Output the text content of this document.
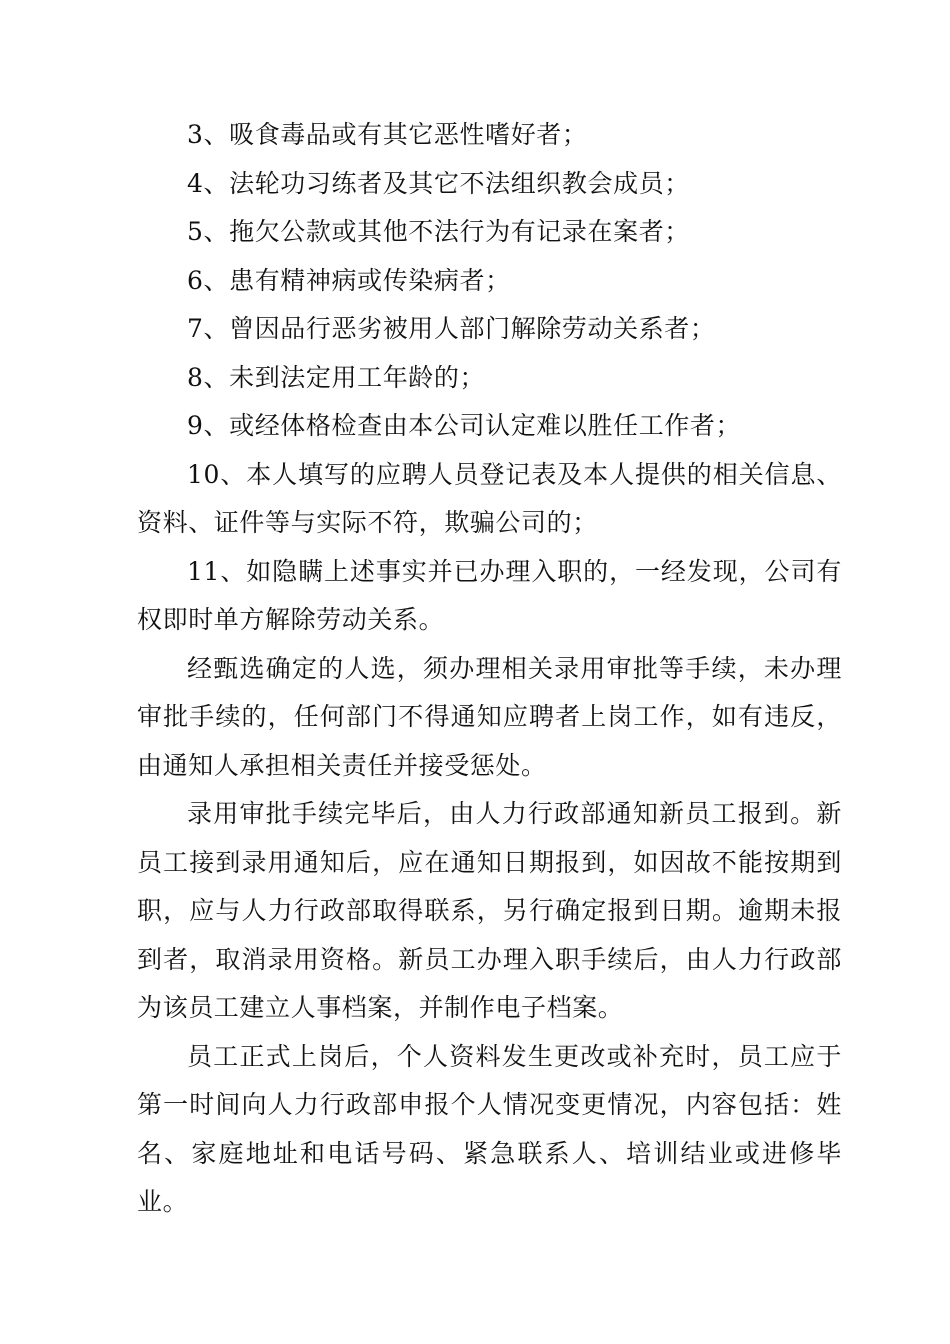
3、吸食毒品或有其它恶性嗜好者；

4、法轮功习练者及其它不法组织教会成员；

5、拖欠公款或其他不法行为有记录在案者；

6、患有精神病或传染病者；

7、曾因品行恶劣被用人部门解除劳动关系者；

8、未到法定用工年龄的；

9、或经体格检查由本公司认定难以胜任工作者；

10、本人填写的应聘人员登记表及本人提供的相关信息、资料、证件等与实际不符，欺骗公司的；

11、如隐瞒上述事实并已办理入职的，一经发现，公司有权即时单方解除劳动关系。

经甄选确定的人选，须办理相关录用审批等手续，未办理审批手续的，任何部门不得通知应聘者上岗工作，如有违反，由通知人承担相关责任并接受惩处。

录用审批手续完毕后，由人力行政部通知新员工报到。新员工接到录用通知后，应在通知日期报到，如因故不能按期到职，应与人力行政部取得联系，另行确定报到日期。逾期未报到者，取消录用资格。新员工办理入职手续后，由人力行政部为该员工建立人事档案，并制作电子档案。

员工正式上岗后，个人资料发生更改或补充时，员工应于第一时间向人力行政部申报个人情况变更情况，内容包括：姓名、家庭地址和电话号码、紧急联系人、培训结业或进修毕业。
